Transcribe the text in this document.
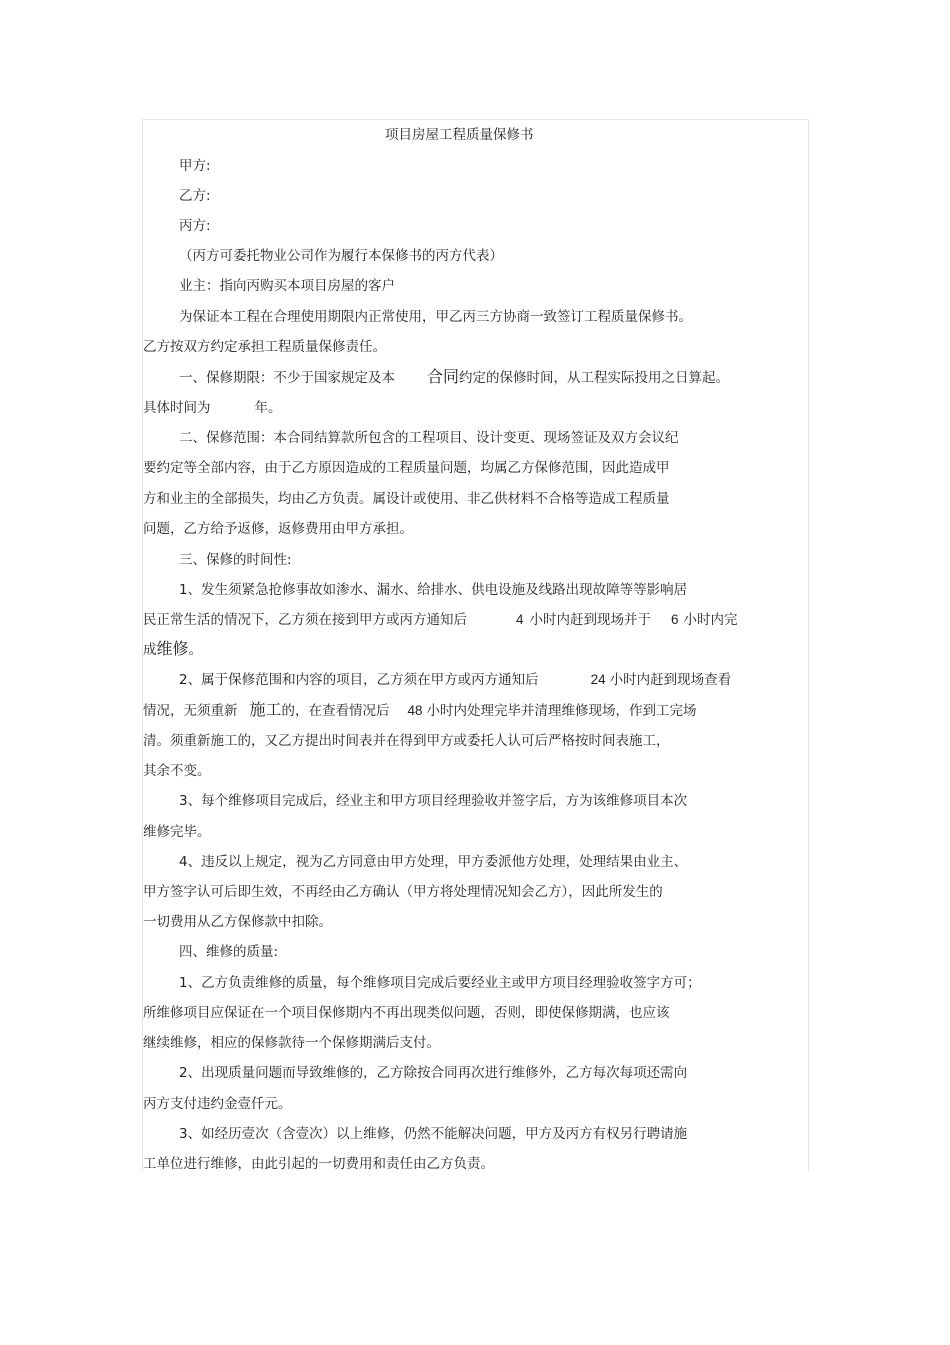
项目房屋工程质量保修书
甲方:
乙方:
丙方:
（丙方可委托物业公司作为履行本保修书的丙方代表）
业主：指向丙购买本项目房屋的客户
为保证本工程在合理使用期限内正常使用，甲乙丙三方协商一致签订工程质量保修书。
乙方按双方约定承担工程质量保修责任。
一、保修期限：不少于国家规定及本 合同约定的保修时间，从工程实际投用之日算起。
具体时间为	年。
二、保修范围：本合同结算款所包含的工程项目、设计变更、现场签证及双方会议纪
要约定等全部内容，由于乙方原因造成的工程质量问题，均属乙方保修范围，因此造成甲
方和业主的全部损失，均由乙方负责。属设计或使用、非乙供材料不合格等造成工程质量
问题，乙方给予返修，返修费用由甲方承担。
三、保修的时间性:
1、发生须紧急抢修事故如渗水、漏水、给排水、供电设施及线路出现故障等等影响居
民正常生活的情况下，乙方须在接到甲方或丙方通知后	4 小时内赶到现场并于 6 小时内完
成维修。
2、属于保修范围和内容的项目，乙方须在甲方或丙方通知后	24 小时内赶到现场查看
情况，无须重新 施工的，在查看情况后 48 小时内处理完毕并清理维修现场，作到工完场
清。须重新施工的，又乙方提出时间表并在得到甲方或委托人认可后严格按时间表施工，
其余不变。
3、每个维修项目完成后，经业主和甲方项目经理验收并签字后，方为该维修项目本次
维修完毕。
4、违反以上规定，视为乙方同意由甲方处理，甲方委派他方处理，处理结果由业主、
甲方签字认可后即生效，不再经由乙方确认（甲方将处理情况知会乙方），因此所发生的
一切费用从乙方保修款中扣除。
四、维修的质量:
1、乙方负责维修的质量，每个维修项目完成后要经业主或甲方项目经理验收签字方可；
所维修项目应保证在一个项目保修期内不再出现类似问题，否则，即使保修期满，也应该
继续维修，相应的保修款待一个保修期满后支付。
2、出现质量问题而导致维修的，乙方除按合同再次进行维修外，乙方每次每项还需向
丙方支付违约金壹仟元。
3、如经历壹次（含壹次）以上维修，仍然不能解决问题，甲方及丙方有权另行聘请施
工单位进行维修，由此引起的一切费用和责任由乙方负责。
